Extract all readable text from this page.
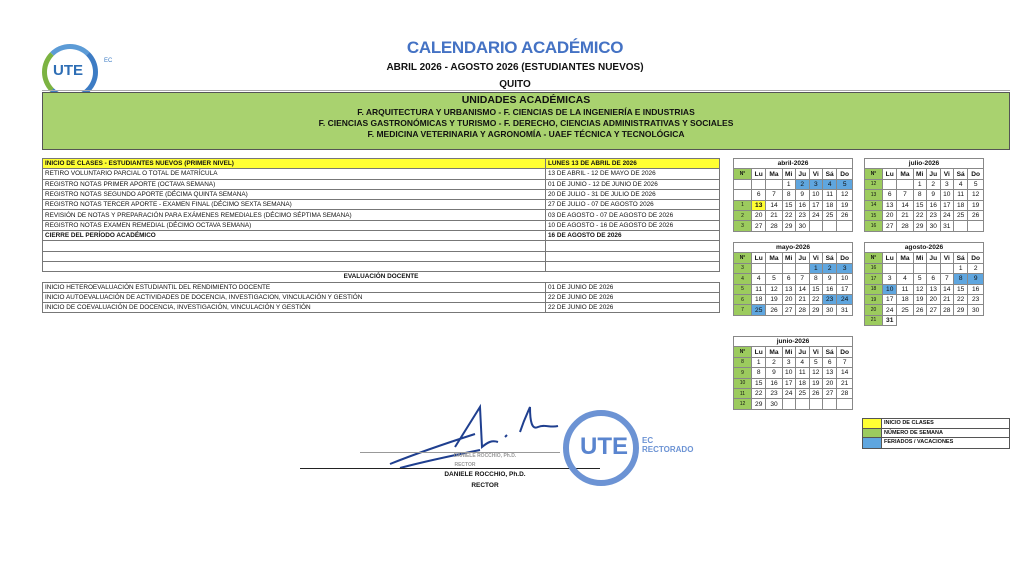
UTE
EC
CALENDARIO ACADÉMICO
ABRIL 2026 - AGOSTO 2026 (ESTUDIANTES NUEVOS)
QUITO
UNIDADES ACADÉMICAS
F. ARQUITECTURA Y URBANISMO - F. CIENCIAS DE LA INGENIERÍA E INDUSTRIAS
F. CIENCIAS GASTRONÓMICAS Y TURISMO - F. DERECHO, CIENCIAS ADMINISTRATIVAS Y SOCIALES
F. MEDICINA VETERINARIA Y AGRONOMÍA - UAEF TÉCNICA Y TECNOLÓGICA
INICIO DE CLASES - ESTUDIANTES NUEVOS (PRIMER NIVEL)	LUNES 13 DE ABRIL DE 2026
RETIRO VOLUNTARIO PARCIAL O TOTAL DE MATRÍCULA	13 DE ABRIL - 12 DE MAYO DE 2026
REGISTRO NOTAS PRIMER APORTE (OCTAVA SEMANA)	01 DE JUNIO - 12 DE JUNIO DE 2026
REGISTRO NOTAS SEGUNDO APORTE (DÉCIMA QUINTA SEMANA)	20 DE JULIO - 31 DE JULIO DE 2026
REGISTRO NOTAS TERCER APORTE - EXAMEN FINAL (DÉCIMO SEXTA SEMANA)	27 DE JULIO - 07 DE AGOSTO 2026
REVISIÓN DE NOTAS Y PREPARACIÓN PARA EXÁMENES REMEDIALES (DÉCIMO SÉPTIMA SEMANA)	03 DE AGOSTO - 07 DE AGOSTO DE 2026
REGISTRO NOTAS EXAMEN REMEDIAL (DÉCIMO OCTAVA SEMANA)	10 DE AGOSTO - 16 DE AGOSTO DE 2026
CIERRE DEL PERÍODO ACADÉMICO	16 DE AGOSTO DE 2026

EVALUACIÓN DOCENTE	
INICIO HETEROEVALUACIÓN ESTUDIANTIL DEL RENDIMIENTO DOCENTE	01 DE JUNIO DE 2026
INICIO AUTOEVALUACIÓN DE ACTIVIDADES DE DOCENCIA, INVESTIGACION, VINCULACIÓN Y GESTIÓN	22 DE JUNIO DE 2026
INICIO DE COEVALUACIÓN DE DOCENCIA, INVESTIGACIÓN, VINCULACIÓN Y GESTIÓN	22 DE JUNIO DE 2026
abril-2026							
N°	Lu	Ma	Mi	Ju	Vi	Sá	Do
			1	2	3	4	5
	6	7	8	9	10	11	12
1	13	14	15	16	17	18	19
2	20	21	22	23	24	25	26
3	27	28	29	30			
julio-2026							
N°	Lu	Ma	Mi	Ju	Vi	Sá	Do
12			1	2	3	4	5
13	6	7	8	9	10	11	12
14	13	14	15	16	17	18	19
15	20	21	22	23	24	25	26
16	27	28	29	30	31		
mayo-2026							
N°	Lu	Ma	Mi	Ju	Vi	Sá	Do
3					1	2	3
4	4	5	6	7	8	9	10
5	11	12	13	14	15	16	17
6	18	19	20	21	22	23	24
7	25	26	27	28	29	30	31
agosto-2026							
N°	Lu	Ma	Mi	Ju	Vi	Sá	Do
16						1	2
17	3	4	5	6	7	8	9
18	10	11	12	13	14	15	16
19	17	18	19	20	21	22	23
20	24	25	26	27	28	29	30
21	31						
junio-2026							
N°	Lu	Ma	Mi	Ju	Vi	Sá	Do
8	1	2	3	4	5	6	7
9	8	9	10	11	12	13	14
10	15	16	17	18	19	20	21
11	22	23	24	25	26	27	28
12	29	30					
INICIO DE CLASES
NÚMERO DE SEMANA
FERIADOS / VACACIONES
DANIELE ROCCHIO, Ph.D.
RECTOR
DANIELE ROCCHIO, Ph.D.
RECTOR
UTE EC
RECTORADO
